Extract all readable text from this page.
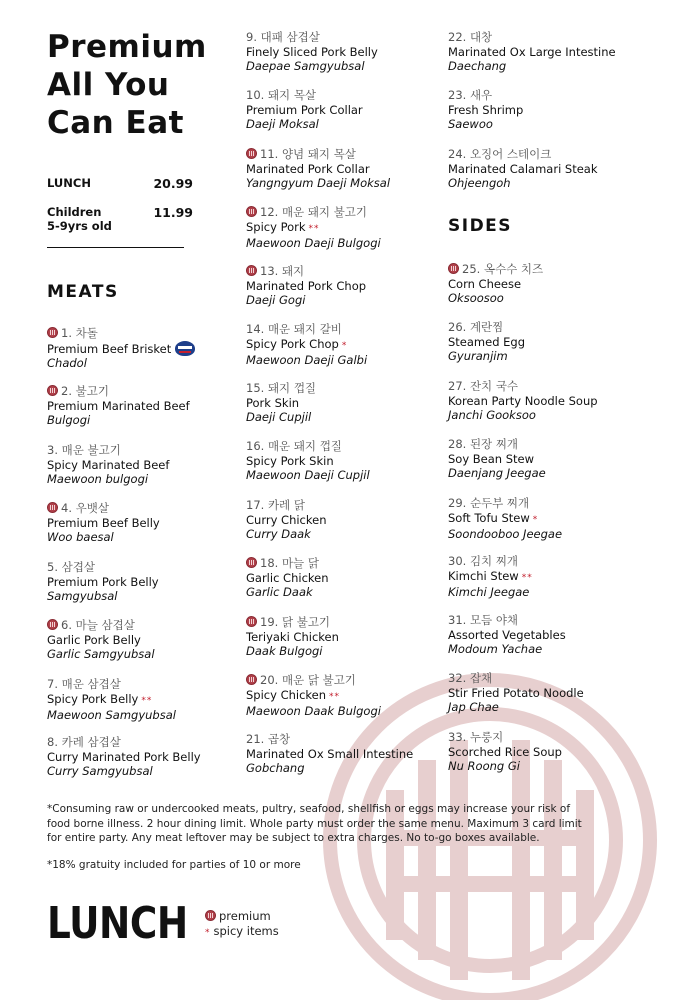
Premium
All You
Can Eat
LUNCH	20.99
Children
5-9yrs old
11.99
MEATS
SIDES
1. 차돌
Premium Beef Brisket
Chadol
2. 불고기
Premium Marinated Beef
Bulgogi
3. 매운 불고기
Spicy Marinated Beef
Maewoon bulgogi
4. 우뱃살
Premium Beef Belly
Woo baesal
5. 삼겹살
Premium Pork Belly
Samgyubsal
6. 마늘 삼겹살
Garlic Pork Belly
Garlic Samgyubsal
7. 매운 삼겹살
Spicy Pork Belly **
Maewoon Samgyubsal
8. 카레 삼겹살
Curry Marinated Pork Belly
Curry Samgyubsal
9. 대패 삼겹살
Finely Sliced Pork Belly
Daepae Samgyubsal
10. 돼지 목살
Premium Pork Collar
Daeji Moksal
11. 양념 돼지 목살
Marinated Pork Collar
Yangngyum Daeji Moksal
12. 매운 돼지 불고기
Spicy Pork **
Maewoon Daeji Bulgogi
13. 돼지
Marinated Pork Chop
Daeji Gogi
14. 매운 돼지 갈비
Spicy Pork Chop *
Maewoon Daeji Galbi
15. 돼지 껍질
Pork Skin
Daeji Cupjil
16. 매운 돼지 껍질
Spicy Pork Skin
Maewoon Daeji Cupjil
17. 카레 닭
Curry Chicken
Curry Daak
18. 마늘 닭
Garlic Chicken
Garlic Daak
19. 닭 불고기
Teriyaki Chicken
Daak Bulgogi
20. 매운 닭 불고기
Spicy Chicken **
Maewoon Daak Bulgogi
21. 곱창
Marinated Ox Small Intestine
Gobchang
22. 대창
Marinated Ox Large Intestine
Daechang
23. 새우
Fresh Shrimp
Saewoo
24. 오징어 스테이크
Marinated Calamari Steak
Ohjeengoh
25. 옥수수 치즈
Corn Cheese
Oksoosoo
26. 계란찜
Steamed Egg
Gyuranjim
27. 잔치 국수
Korean Party Noodle Soup
Janchi Gooksoo
28. 된장 찌개
Soy Bean Stew
Daenjang Jeegae
29. 순두부 찌개
Soft Tofu Stew *
Soondooboo Jeegae
30. 김치 찌개
Kimchi Stew **
Kimchi Jeegae
31. 모듬 야채
Assorted Vegetables
Modoum Yachae
32. 잡채
Stir Fried Potato Noodle
Jap Chae
33. 누룽지
Scorched Rice Soup
Nu Roong Gi
*Consuming raw or undercooked meats, pultry, seafood, shellfish or eggs may increase your risk of food borne illness. 2 hour dining limit. Whole party must order the same menu. Maximum 3 card limit for entire party. Any meat leftover may be subject to extra charges. No to-go boxes available.
*18% gratuity included for parties of 10 or more
LUNCH	premium
* spicy items
